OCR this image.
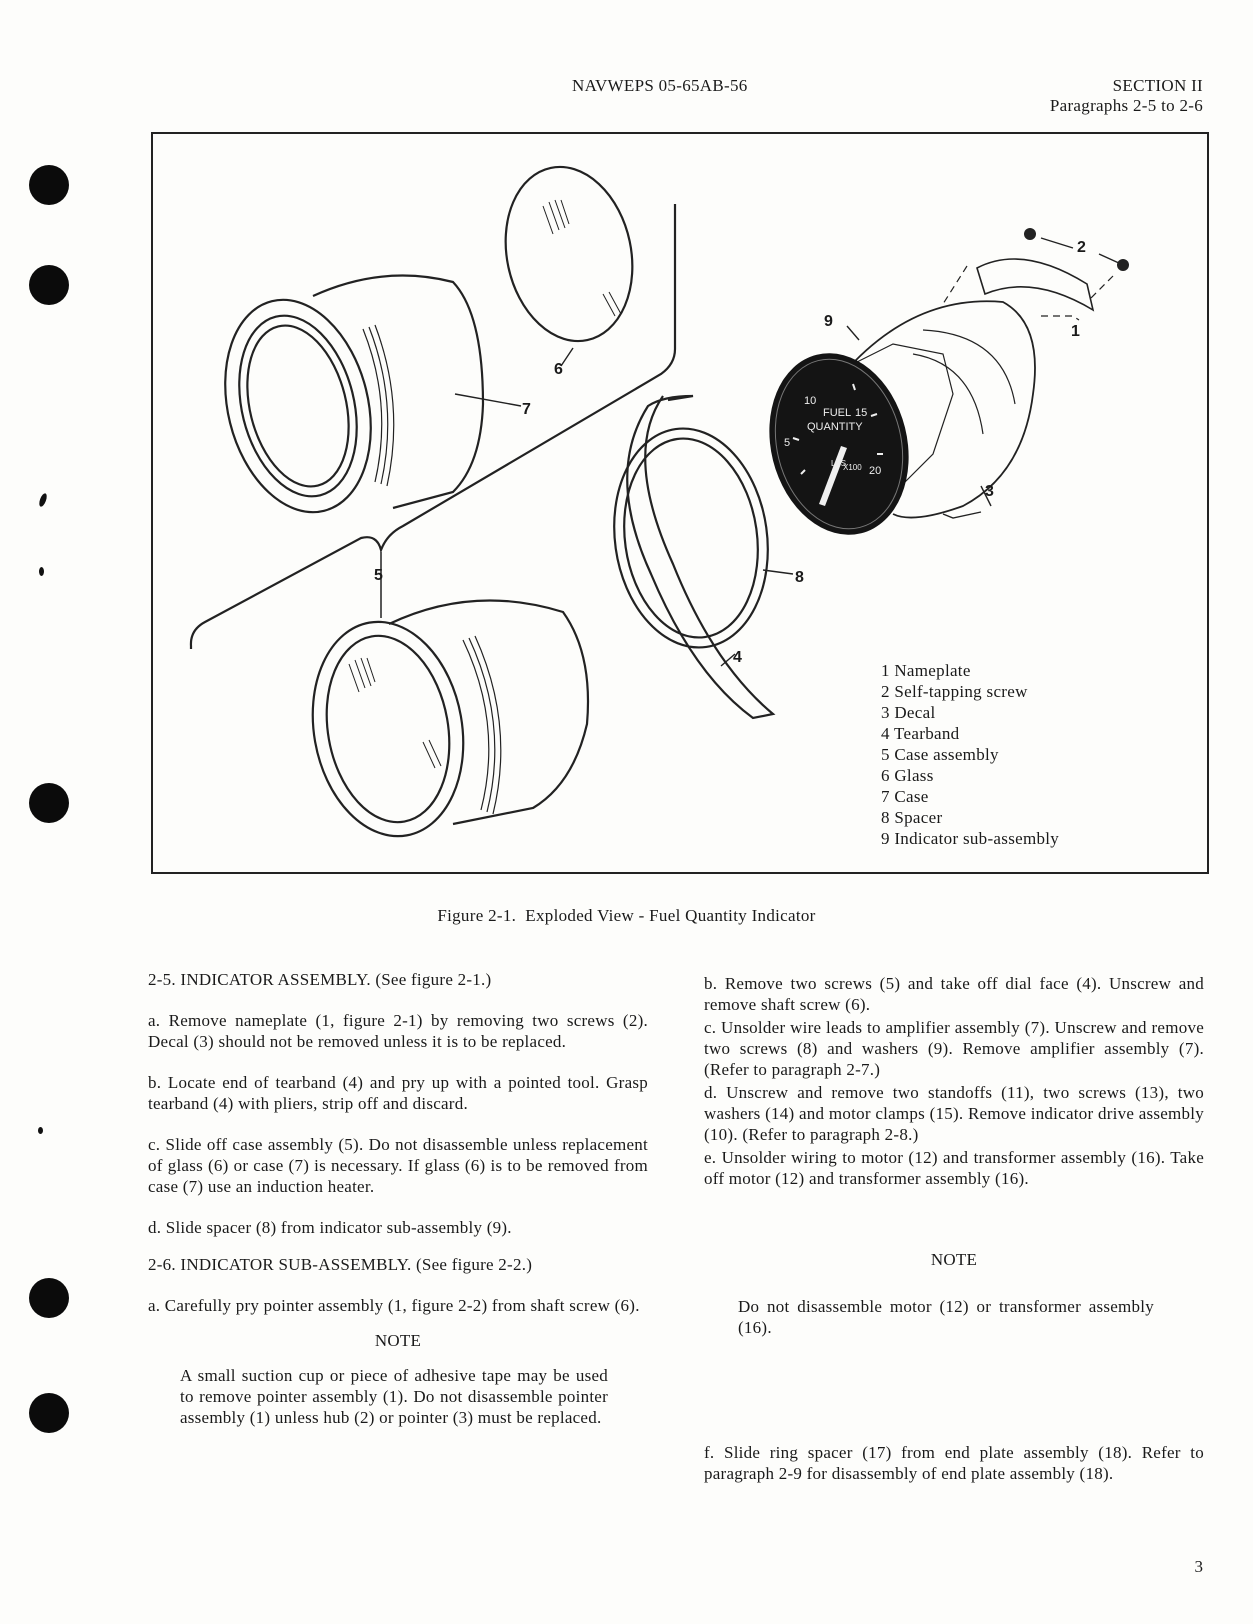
NAVWEPS 05-65AB-56	SECTION II
Paragraphs 2-5 to 2-6
FUEL
QUANTITY
LBS
10
15
5
20
X100
1
2
3
4
5
6
7
8
9
1 Nameplate
2 Self-tapping screw
3 Decal
4 Tearband
5 Case assembly
6 Glass
7 Case
8 Spacer
9 Indicator sub-assembly
Figure 2-1.  Exploded View - Fuel Quantity Indicator

2-5. INDICATOR ASSEMBLY. (See figure 2-1.)

a. Remove nameplate (1, figure 2-1) by removing two screws (2). Decal (3) should not be removed unless it is to be replaced.

b. Locate end of tearband (4) and pry up with a pointed tool. Grasp tearband (4) with pliers, strip off and discard.

c. Slide off case assembly (5). Do not disassemble unless replacement of glass (6) or case (7) is necessary. If glass (6) is to be removed from case (7) use an induction heater.

d. Slide spacer (8) from indicator sub-assembly (9).

2-6. INDICATOR SUB-ASSEMBLY. (See figure 2-2.)

a. Carefully pry pointer assembly (1, figure 2-2) from shaft screw (6).

NOTE

A small suction cup or piece of adhesive tape may be used to remove pointer assembly (1). Do not disassemble pointer assembly (1) unless hub (2) or pointer (3) must be replaced.

b. Remove two screws (5) and take off dial face (4). Unscrew and remove shaft screw (6).

c. Unsolder wire leads to amplifier assembly (7). Unscrew and remove two screws (8) and washers (9). Remove amplifier assembly (7). (Refer to paragraph 2-7.)

d. Unscrew and remove two standoffs (11), two screws (13), two washers (14) and motor clamps (15). Remove indicator drive assembly (10). (Refer to paragraph 2-8.)

e. Unsolder wiring to motor (12) and transformer assembly (16). Take off motor (12) and transformer assembly (16).

NOTE

Do not disassemble motor (12) or transformer assembly (16).

f. Slide ring spacer (17) from end plate assembly (18). Refer to paragraph 2-9 for disassembly of end plate assembly (18).

3
